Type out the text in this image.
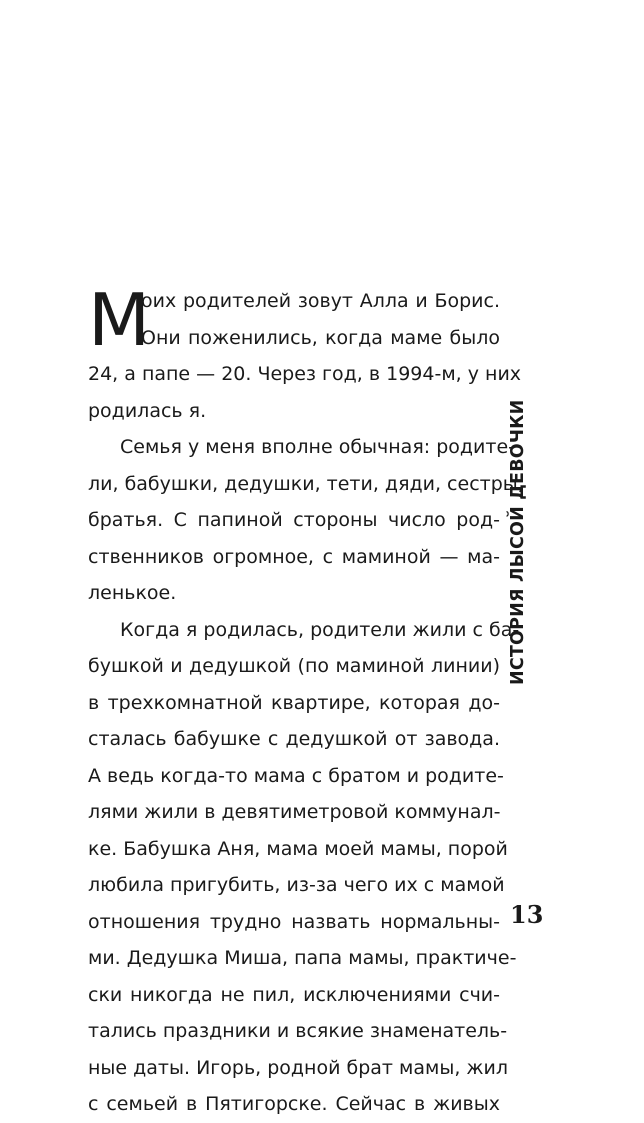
М
оих родителей зовут Алла и Борис.
Они поженились, когда маме было
24, а папе — 20. Через год, в 1994-м, у них
родилась я.
Семья у меня вполне обычная: родите-
ли, бабушки, дедушки, тети, дяди, сестры,
братья. С папиной стороны число род-
ственников огромное, с маминой — ма-
ленькое.
Когда я родилась, родители жили с ба-
бушкой и дедушкой (по маминой линии)
в трехкомнатной квартире, которая до-
сталась бабушке с дедушкой от завода.
А ведь когда-то мама с братом и родите-
лями жили в девятиметровой коммунал-
ке. Бабушка Аня, мама моей мамы, порой
любила пригубить, из-за чего их с мамой
отношения трудно назвать нормальны-
ми. Дедушка Миша, папа мамы, практиче-
ски никогда не пил, исключениями счи-
тались праздники и всякие знаменатель-
ные даты. Игорь, родной брат мамы, жил
с семьей в Пятигорске. Сейчас в живых
ИСТОРИЯ ЛЫСОЙ ДЕВОЧКИ
13
